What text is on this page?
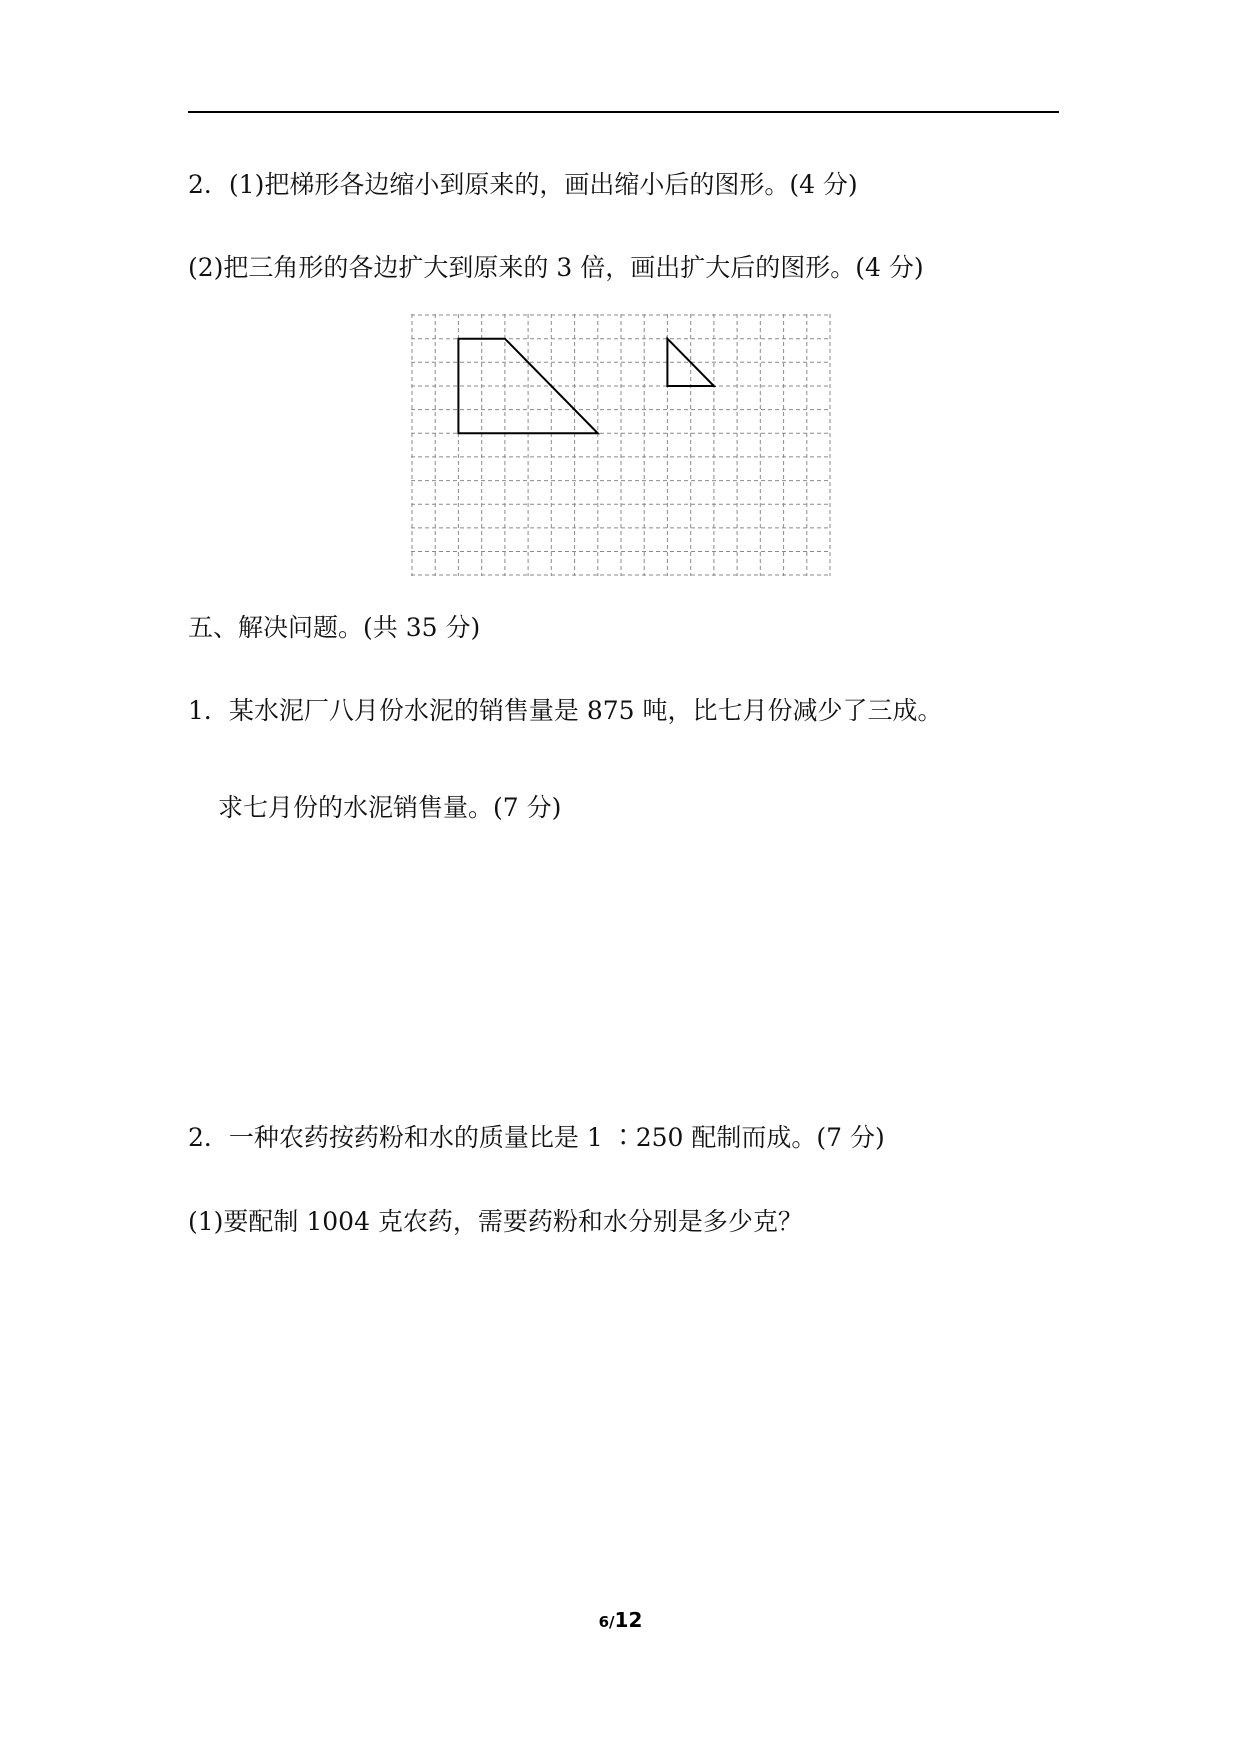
2．(1)把梯形各边缩小到原来的，画出缩小后的图形。(4 分)
(2)把三角形的各边扩大到原来的 3 倍，画出扩大后的图形。(4 分)
五、解决问题。(共 35 分)
1．某水泥厂八月份水泥的销售量是 875 吨，比七月份减少了三成。
求七月份的水泥销售量。(7 分)
2．一种农药按药粉和水的质量比是 1 ∶250 配制而成。(7 分)
(1)要配制 1004 克农药，需要药粉和水分别是多少克？
6/12
